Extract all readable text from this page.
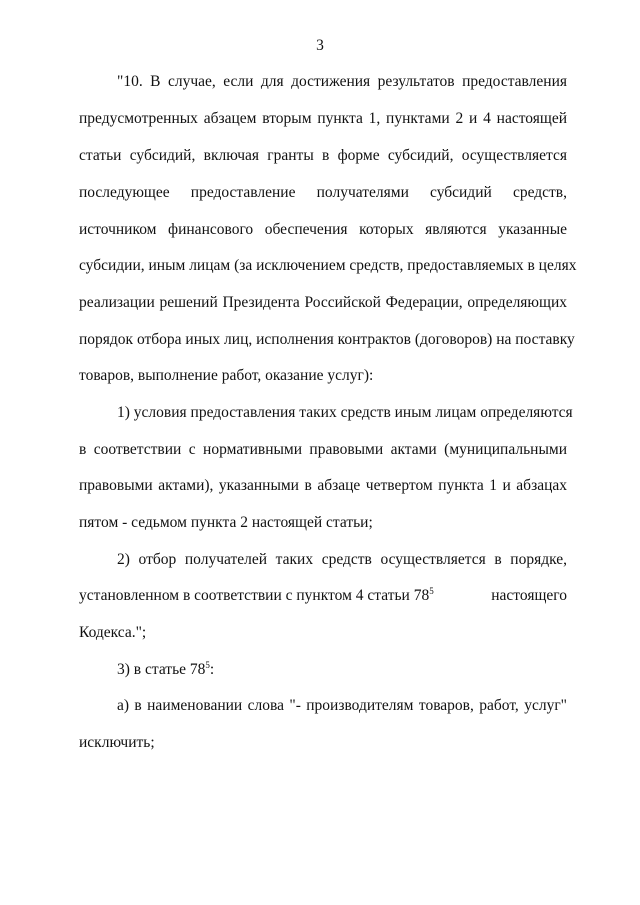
3
"10. В случае, если для достижения результатов предоставления
предусмотренных абзацем вторым пункта 1, пунктами 2 и 4 настоящей
статьи субсидий, включая гранты в форме субсидий, осуществляется
последующее предоставление получателями субсидий средств,
источником финансового обеспечения которых являются указанные
субсидии, иным лицам (за исключением средств, предоставляемых в целях
реализации решений Президента Российской Федерации, определяющих
порядок отбора иных лиц, исполнения контрактов (договоров) на поставку
товаров, выполнение работ, оказание услуг):
1) условия предоставления таких средств иным лицам определяются
в соответствии с нормативными правовыми актами (муниципальными
правовыми актами), указанными в абзаце четвертом пункта 1 и абзацах
пятом - седьмом пункта 2 настоящей статьи;
2) отбор получателей таких средств осуществляется в порядке,
установленном в соответствии с пунктом 4 статьи $78^5$	настоящего
Кодекса.";
3) в статье $78^5$:
а) в наименовании слова "- производителям товаров, работ, услуг"
исключить;
